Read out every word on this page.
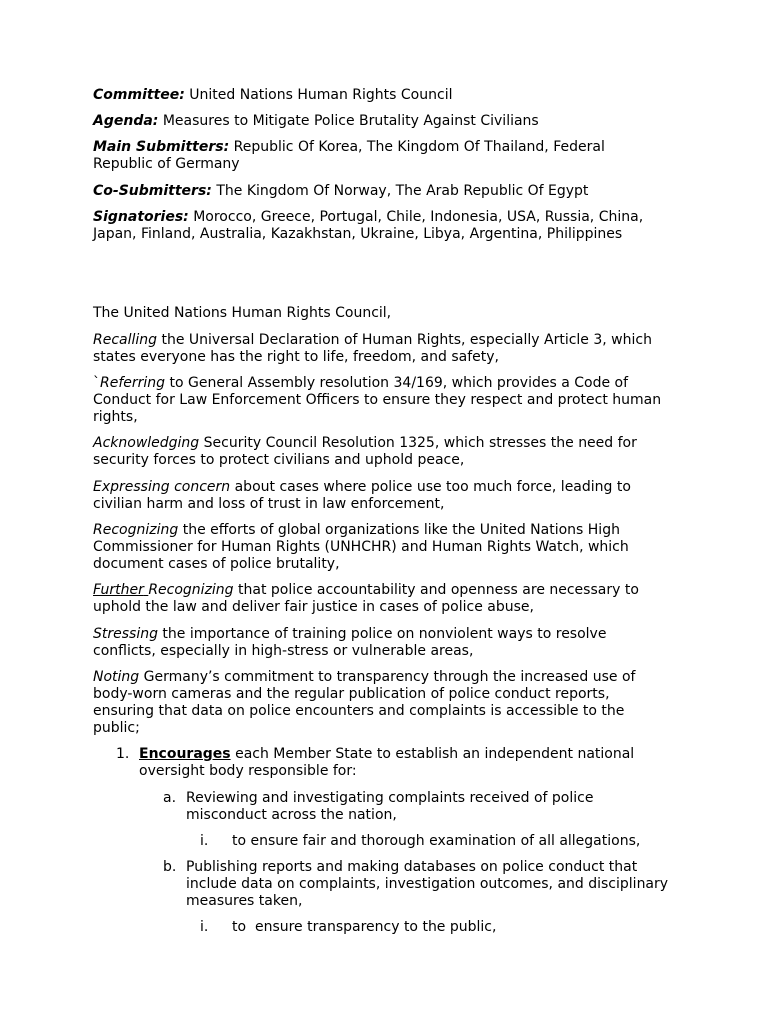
Committee: United Nations Human Rights Council

Agenda: Measures to Mitigate Police Brutality Against Civilians

Main Submitters: Republic Of Korea, The Kingdom Of Thailand, Federal Republic of Germany

Co-Submitters: The Kingdom Of Norway, The Arab Republic Of Egypt

Signatories: Morocco, Greece, Portugal, Chile, Indonesia, USA, Russia, China, Japan, Finland, Australia, Kazakhstan, Ukraine, Libya, Argentina, Philippines

The United Nations Human Rights Council,

Recalling the Universal Declaration of Human Rights, especially Article 3, which states everyone has the right to life, freedom, and safety,

`Referring to General Assembly resolution 34/169, which provides a Code of Conduct for Law Enforcement Officers to ensure they respect and protect human rights,

Acknowledging Security Council Resolution 1325, which stresses the need for security forces to protect civilians and uphold peace,

Expressing concern about cases where police use too much force, leading to civilian harm and loss of trust in law enforcement,

Recognizing the efforts of global organizations like the United Nations High Commissioner for Human Rights (UNHCHR) and Human Rights Watch, which document cases of police brutality,

Further Recognizing that police accountability and openness are necessary to uphold the law and deliver fair justice in cases of police abuse,

Stressing the importance of training police on nonviolent ways to resolve conflicts, especially in high-stress or vulnerable areas,

Noting Germany’s commitment to transparency through the increased use of body-worn cameras and the regular publication of police conduct reports, ensuring that data on police encounters and complaints is accessible to the public;

1. Encourages each Member State to establish an independent national oversight body responsible for:

a. Reviewing and investigating complaints received of police misconduct across the nation,

i. to ensure fair and thorough examination of all allegations,

b. Publishing reports and making databases on police conduct that include data on complaints, investigation outcomes, and disciplinary measures taken,

i. to  ensure transparency to the public,
